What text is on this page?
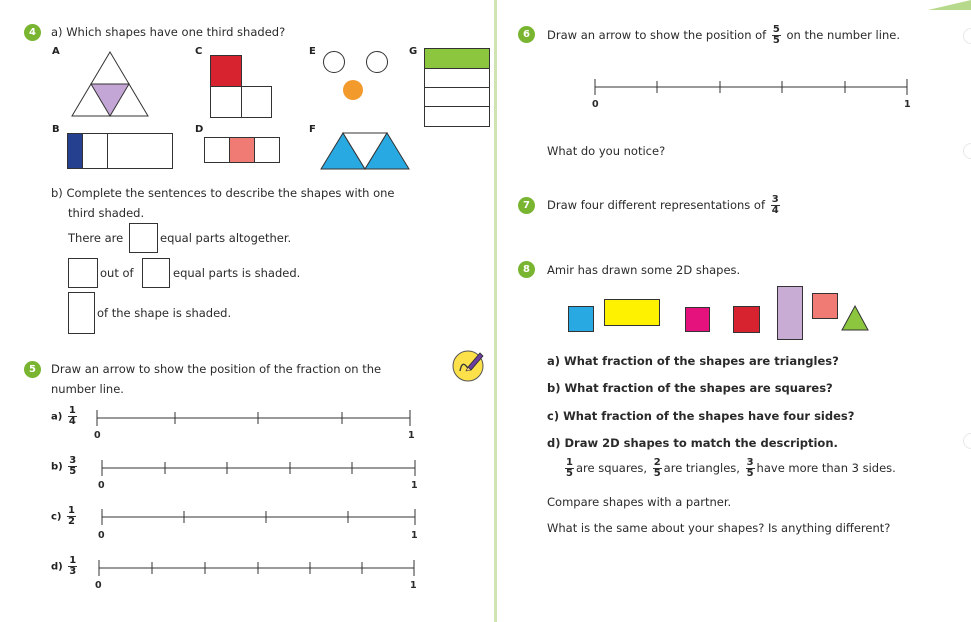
4	a) Which shapes have one third shaded?
A
B
C
D
E
F
G
b) Complete the sentences to describe the shapes with one
third shaded.
There are	equal parts altogether.
out of	equal parts is shaded.
of the shape is shaded.
5	Draw an arrow to show the position of the fraction on the
number line.
$a) \frac{1}{4}$
0	1
$b) \frac{3}{5}$
0	1
$c) \frac{1}{2}$
0	1
$d) \frac{1}{3}$
0	1
6	Draw an arrow to show the position of $\frac{5}{5}$ on the number line.
0	1
What do you notice?
7	Draw four different representations of $\frac{3}{4}$
8	Amir has drawn some 2D shapes.
a) What fraction of the shapes are triangles?
b) What fraction of the shapes are squares?
c) What fraction of the shapes have four sides?
d) Draw 2D shapes to match the description.
$\frac{1}{5}$ are squares, $\frac{2}{5}$ are triangles, $\frac{3}{5}$ have more than 3 sides.
Compare shapes with a partner.
What is the same about your shapes? Is anything different?
